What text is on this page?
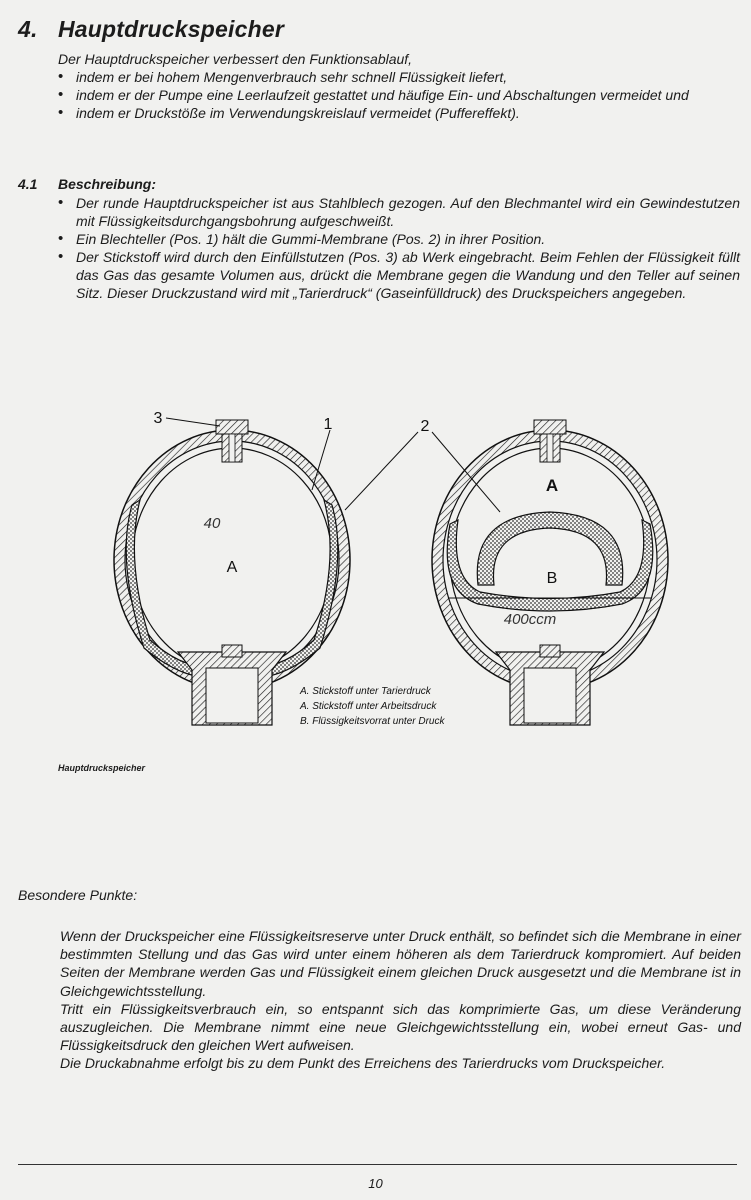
4. Hauptdruckspeicher
Der Hauptdruckspeicher verbessert den Funktionsablauf,
• indem er bei hohem Mengenverbrauch sehr schnell Flüssigkeit liefert,
• indem er der Pumpe eine Leerlaufzeit gestattet und häufige Ein- und Abschaltungen vermeidet und
• indem er Druckstöße im Verwendungskreislauf vermeidet (Puffereffekt).
4.1 Beschreibung:
• Der runde Hauptdruckspeicher ist aus Stahlblech gezogen. Auf den Blechmantel wird ein Gewindestutzen mit Flüssigkeitsdurchgangsbohrung aufgeschweißt.
• Ein Blechteller (Pos. 1) hält die Gummi-Membrane (Pos. 2) in ihrer Position.
• Der Stickstoff wird durch den Einfüllstutzen (Pos. 3) ab Werk eingebracht. Beim Fehlen der Flüssigkeit füllt das Gas das gesamte Volumen aus, drückt die Membrane gegen die Wandung und den Teller auf seinen Sitz. Dieser Druckzustand wird mit „Tarierdruck“ (Gaseinfülldruck) des Druckspeichers angegeben.
A
40
A
B
400ccm
3	1	2
A. Stickstoff unter Tarierdruck
A. Stickstoff unter Arbeitsdruck
B. Flüssigkeitsvorrat unter Druck
Hauptdruckspeicher
Besondere Punkte:

Wenn der Druckspeicher eine Flüssigkeitsreserve unter Druck enthält, so befindet sich die Membrane in einer bestimmten Stellung und das Gas wird unter einem höheren als dem Tarierdruck kompromiert. Auf beiden Seiten der Membrane werden Gas und Flüssigkeit einem gleichen Druck ausgesetzt und die Membrane ist in Gleichgewichtsstellung.

Tritt ein Flüssigkeitsverbrauch ein, so entspannt sich das komprimierte Gas, um diese Veränderung auszugleichen. Die Membrane nimmt eine neue Gleichgewichtsstellung ein, wobei erneut Gas- und Flüssigkeitsdruck den gleichen Wert aufweisen.

Die Druckabnahme erfolgt bis zu dem Punkt des Erreichens des Tarierdrucks vom Druckspeicher.

10
